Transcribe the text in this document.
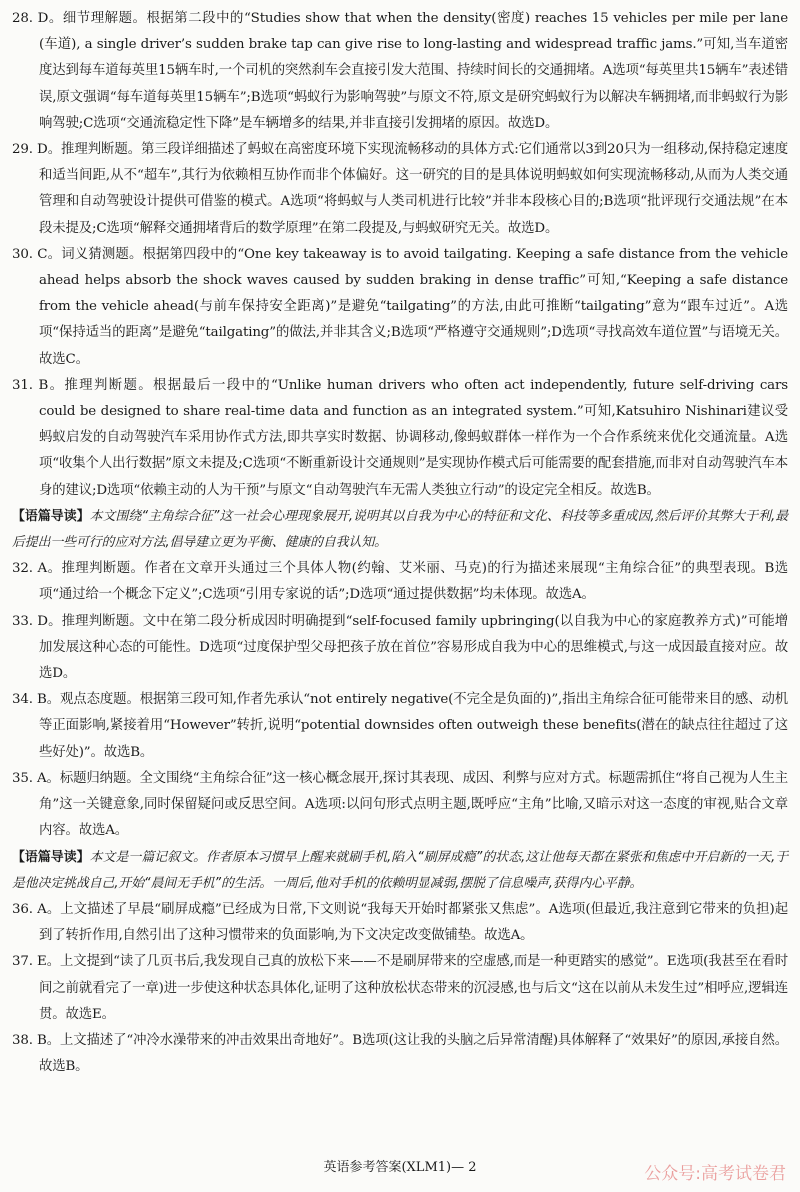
28. D。细节理解题。根据第二段中的“Studies show that when the density(密度) reaches 15 vehicles per mile per lane (车道), a single driver’s sudden brake tap can give rise to long-lasting and widespread traffic jams.”可知,当车道密度达到每车道每英里15辆车时,一个司机的突然刹车会直接引发大范围、持续时间长的交通拥堵。A选项“每英里共15辆车”表述错误,原文强调“每车道每英里15辆车”;B选项“蚂蚁行为影响驾驶”与原文不符,原文是研究蚂蚁行为以解决车辆拥堵,而非蚂蚁行为影响驾驶;C选项“交通流稳定性下降”是车辆增多的结果,并非直接引发拥堵的原因。故选D。

29. D。推理判断题。第三段详细描述了蚂蚁在高密度环境下实现流畅移动的具体方式:它们通常以3到20只为一组移动,保持稳定速度和适当间距,从不“超车”,其行为依赖相互协作而非个体偏好。这一研究的目的是具体说明蚂蚁如何实现流畅移动,从而为人类交通管理和自动驾驶设计提供可借鉴的模式。A选项“将蚂蚁与人类司机进行比较”并非本段核心目的;B选项“批评现行交通法规”在本段未提及;C选项“解释交通拥堵背后的数学原理”在第二段提及,与蚂蚁研究无关。故选D。

30. C。词义猜测题。根据第四段中的“One key takeaway is to avoid tailgating. Keeping a safe distance from the vehicle ahead helps absorb the shock waves caused by sudden braking in dense traffic”可知,“Keeping a safe distance from the vehicle ahead(与前车保持安全距离)”是避免“tailgating”的方法,由此可推断“tailgating”意为“跟车过近”。A选项“保持适当的距离”是避免“tailgating”的做法,并非其含义;B选项“严格遵守交通规则”;D选项“寻找高效车道位置”与语境无关。故选C。

31. B。推理判断题。根据最后一段中的“Unlike human drivers who often act independently, future self-driving cars could be designed to share real-time data and function as an integrated system.”可知,Katsuhiro Nishinari建议受蚂蚁启发的自动驾驶汽车采用协作式方法,即共享实时数据、协调移动,像蚂蚁群体一样作为一个合作系统来优化交通流量。A选项“收集个人出行数据”原文未提及;C选项“不断重新设计交通规则”是实现协作模式后可能需要的配套措施,而非对自动驾驶汽车本身的建议;D选项“依赖主动的人为干预”与原文“自动驾驶汽车无需人类独立行动”的设定完全相反。故选B。

【语篇导读】本文围绕“主角综合征”这一社会心理现象展开,说明其以自我为中心的特征和文化、科技等多重成因,然后评价其弊大于利,最后提出一些可行的应对方法,倡导建立更为平衡、健康的自我认知。

32. A。推理判断题。作者在文章开头通过三个具体人物(约翰、艾米丽、马克)的行为描述来展现“主角综合征”的典型表现。B选项“通过给一个概念下定义”;C选项“引用专家说的话”;D选项“通过提供数据”均未体现。故选A。

33. D。推理判断题。文中在第二段分析成因时明确提到“self-focused family upbringing(以自我为中心的家庭教养方式)”可能增加发展这种心态的可能性。D选项“过度保护型父母把孩子放在首位”容易形成自我为中心的思维模式,与这一成因最直接对应。故选D。

34. B。观点态度题。根据第三段可知,作者先承认“not entirely negative(不完全是负面的)”,指出主角综合征可能带来目的感、动机等正面影响,紧接着用“However”转折,说明“potential downsides often outweigh these benefits(潜在的缺点往往超过了这些好处)”。故选B。

35. A。标题归纳题。全文围绕“主角综合征”这一核心概念展开,探讨其表现、成因、利弊与应对方式。标题需抓住“将自己视为人生主角”这一关键意象,同时保留疑问或反思空间。A选项:以问句形式点明主题,既呼应“主角”比喻,又暗示对这一态度的审视,贴合文章内容。故选A。

【语篇导读】本文是一篇记叙文。作者原本习惯早上醒来就刷手机,陷入“刷屏成瘾”的状态,这让他每天都在紧张和焦虑中开启新的一天,于是他决定挑战自己,开始“晨间无手机”的生活。一周后,他对手机的依赖明显减弱,摆脱了信息噪声,获得内心平静。

36. A。上文描述了早晨“刷屏成瘾”已经成为日常,下文则说“我每天开始时都紧张又焦虑”。A选项(但最近,我注意到它带来的负担)起到了转折作用,自然引出了这种习惯带来的负面影响,为下文决定改变做铺垫。故选A。

37. E。上文提到“读了几页书后,我发现自己真的放松下来——不是刷屏带来的空虚感,而是一种更踏实的感觉”。E选项(我甚至在看时间之前就看完了一章)进一步使这种状态具体化,证明了这种放松状态带来的沉浸感,也与后文“这在以前从未发生过”相呼应,逻辑连贯。故选E。

38. B。上文描述了“冲冷水澡带来的冲击效果出奇地好”。B选项(这让我的头脑之后异常清醒)具体解释了“效果好”的原因,承接自然。故选B。

英语参考答案(XLM1)— 2	公众号:高考试卷君
